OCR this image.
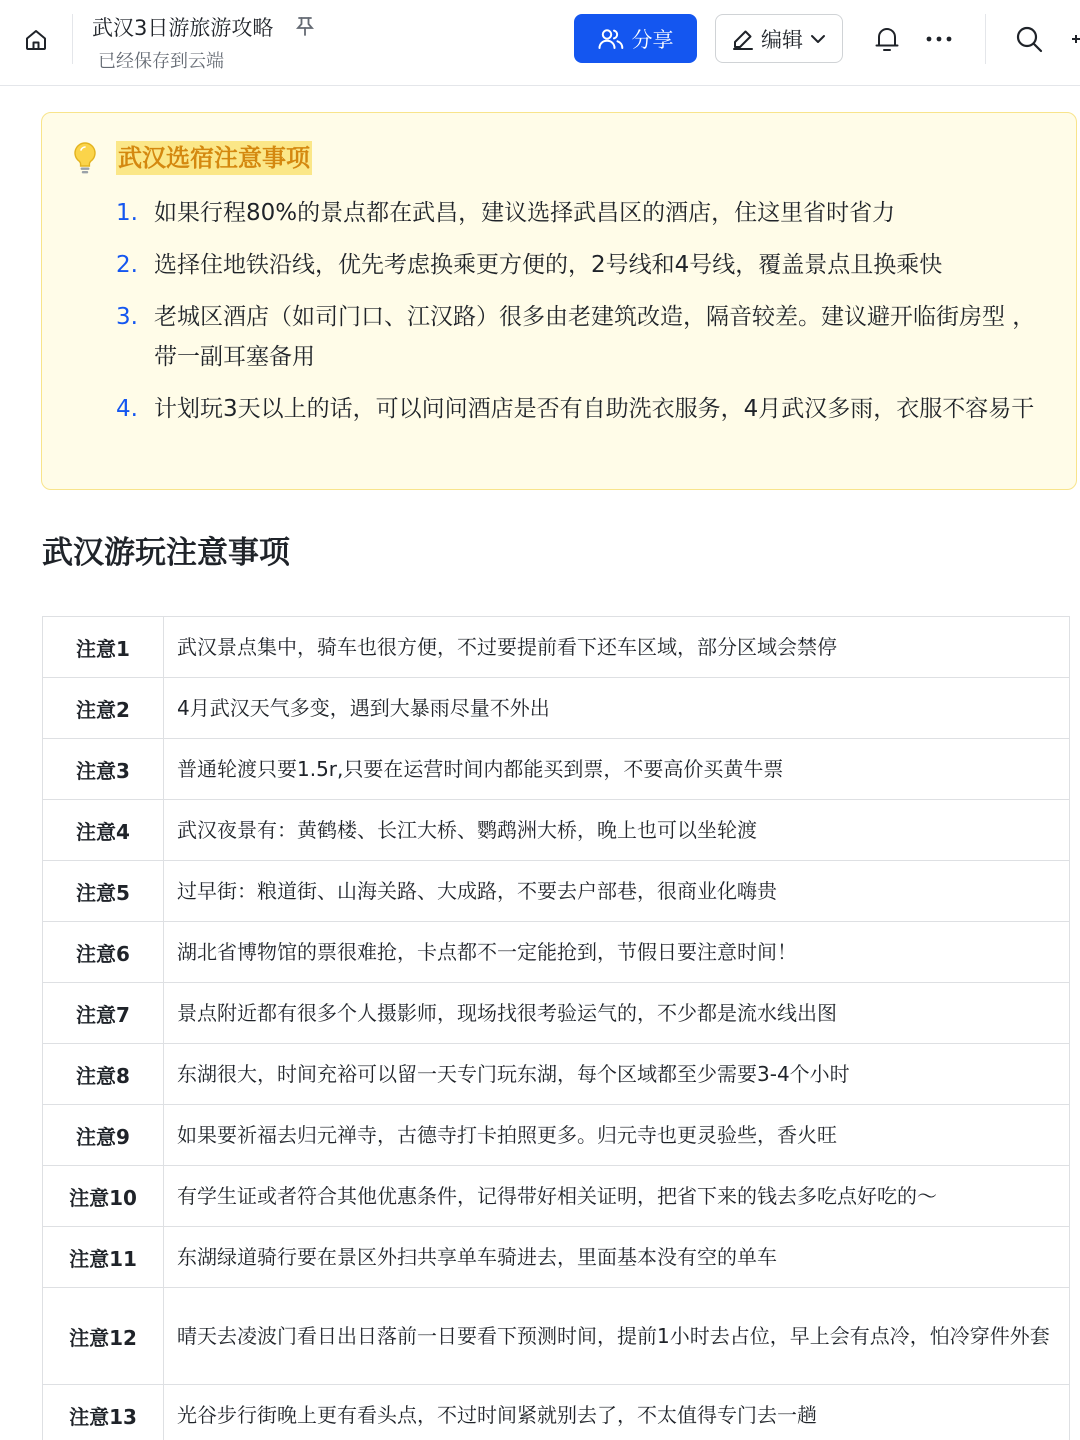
武汉3日游旅游攻略
已经保存到云端
分享	编辑
武汉选宿注意事项
1. 如果行程80%的景点都在武昌，建议选择武昌区的酒店，住这里省时省力
2. 选择住地铁沿线，优先考虑换乘更方便的，2号线和4号线，覆盖景点且换乘快
3. 老城区酒店（如司门口、江汉路）很多由老建筑改造，隔音较差。建议避开临街房型 ，带一副耳塞备用
4. 计划玩3天以上的话，可以问问酒店是否有自助洗衣服务，4月武汉多雨，衣服不容易干
武汉游玩注意事项
注意1	武汉景点集中，骑车也很方便，不过要提前看下还车区域，部分区域会禁停
注意2	4月武汉天气多变，遇到大暴雨尽量不外出
注意3	普通轮渡只要1.5r,只要在运营时间内都能买到票，不要高价买黄牛票
注意4	武汉夜景有：黄鹤楼、长江大桥、鹦鹉洲大桥，晚上也可以坐轮渡
注意5	过早街：粮道街、山海关路、大成路，不要去户部巷，很商业化嗨贵
注意6	湖北省博物馆的票很难抢，卡点都不一定能抢到，节假日要注意时间！
注意7	景点附近都有很多个人摄影师，现场找很考验运气的，不少都是流水线出图
注意8	东湖很大，时间充裕可以留一天专门玩东湖，每个区域都至少需要3-4个小时
注意9	如果要祈福去归元禅寺，古德寺打卡拍照更多。归元寺也更灵验些，香火旺
注意10	有学生证或者符合其他优惠条件，记得带好相关证明，把省下来的钱去多吃点好吃的～
注意11	东湖绿道骑行要在景区外扫共享单车骑进去，里面基本没有空的单车
注意12	晴天去凌波门看日出日落前一日要看下预测时间，提前1小时去占位，早上会有点冷，怕冷穿件外套
注意13	光谷步行街晚上更有看头点，不过时间紧就别去了，不太值得专门去一趟
